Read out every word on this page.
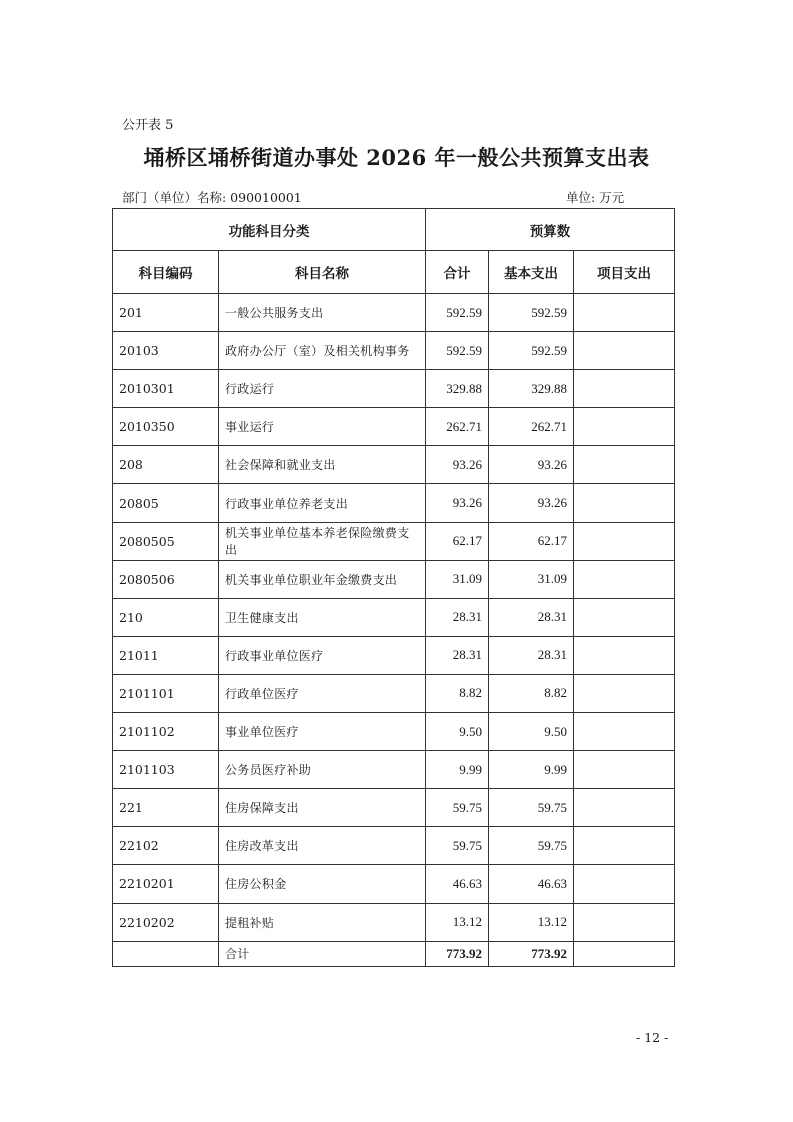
公开表 5
埇桥区埇桥街道办事处 2026 年一般公共预算支出表
部门（单位）名称: 090010001	单位: 万元
功能科目分类		预算数		
科目编码	科目名称	合计	基本支出	项目支出
201	一般公共服务支出	592.59	592.59	
20103	政府办公厅（室）及相关机构事务	592.59	592.59	
2010301	行政运行	329.88	329.88	
2010350	事业运行	262.71	262.71	
208	社会保障和就业支出	93.26	93.26	
20805	行政事业单位养老支出	93.26	93.26	
2080505	机关事业单位基本养老保险缴费支出	62.17	62.17	
2080506	机关事业单位职业年金缴费支出	31.09	31.09	
210	卫生健康支出	28.31	28.31	
21011	行政事业单位医疗	28.31	28.31	
2101101	行政单位医疗	8.82	8.82	
2101102	事业单位医疗	9.50	9.50	
2101103	公务员医疗补助	9.99	9.99	
221	住房保障支出	59.75	59.75	
22102	住房改革支出	59.75	59.75	
2210201	住房公积金	46.63	46.63	
2210202	提租补贴	13.12	13.12	
	合计	773.92	773.92	
- 12 -
